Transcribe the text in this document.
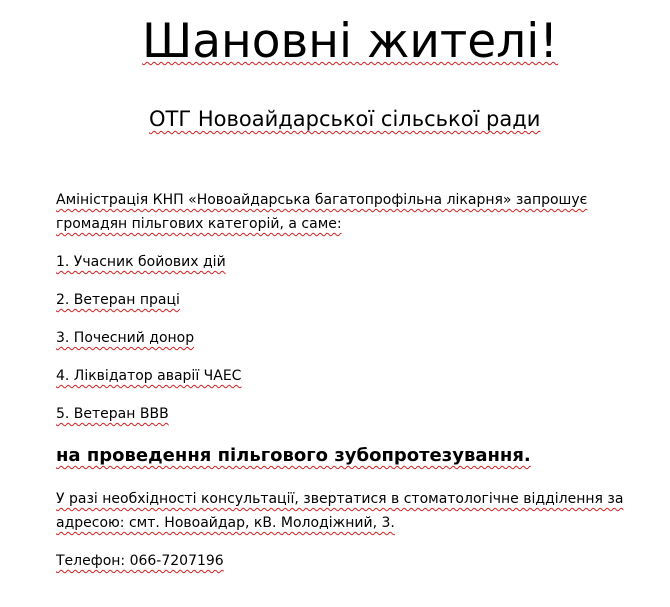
Шановні жителі!
ОТГ Новоайдарської сільської ради
Аміністрація КНП «Новоайдарська багатопрофільна лікарня» запрошує
громадян пільгових категорій, а саме:
1. Учасник бойових дій
2. Ветеран праці
3. Почесний донор
4. Ліквідатор аварії ЧАЕС
5. Ветеран ВВВ
на проведення пільгового зубопротезування.
У разі необхідності консультації, звертатися в стоматологічне відділення за
адресою: смт. Новоайдар, кВ. Молодіжний, 3.
Телефон: 066-7207196
